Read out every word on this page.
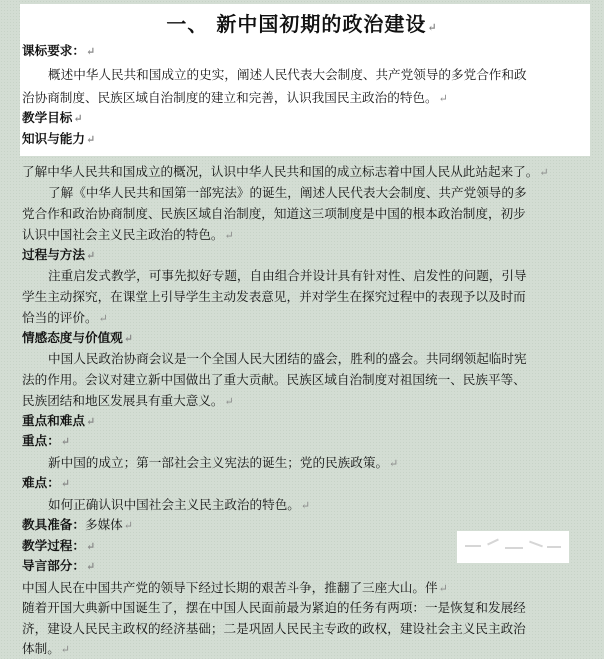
一、 新中国初期的政治建设↵
课标要求：↵
概述中华人民共和国成立的史实，阐述人民代表大会制度、共产党领导的多党合作和政
治协商制度、民族区域自治制度的建立和完善，认识我国民主政治的特色。↵
教学目标↵
知识与能力↵
了解中华人民共和国成立的概况，认识中华人民共和国的成立标志着中国人民从此站起来了。↵
了解《中华人民共和国第一部宪法》的诞生，阐述人民代表大会制度、共产党领导的多
党合作和政治协商制度、民族区域自治制度，知道这三项制度是中国的根本政治制度，初步
认识中国社会主义民主政治的特色。↵
过程与方法↵
注重启发式教学，可事先拟好专题，自由组合并设计具有针对性、启发性的问题，引导
学生主动探究，在课堂上引导学生主动发表意见，并对学生在探究过程中的表现予以及时而
恰当的评价。↵
情感态度与价值观↵
中国人民政治协商会议是一个全国人民大团结的盛会，胜利的盛会。共同纲领起临时宪
法的作用。会议对建立新中国做出了重大贡献。民族区域自治制度对祖国统一、民族平等、
民族团结和地区发展具有重大意义。↵
重点和难点↵
重点：↵
新中国的成立；第一部社会主义宪法的诞生；党的民族政策。↵
难点：↵
如何正确认识中国社会主义民主政治的特色。↵
教具准备：多媒体↵
教学过程：↵
导言部分：↵
中国人民在中国共产党的领导下经过长期的艰苦斗争，推翻了三座大山。伴↵
随着开国大典新中国诞生了，摆在中国人民面前最为紧迫的任务有两项：一是恢复和发展经
济，建设人民民主政权的经济基础；二是巩固人民民主专政的政权，建设社会主义民主政治
体制。↵
